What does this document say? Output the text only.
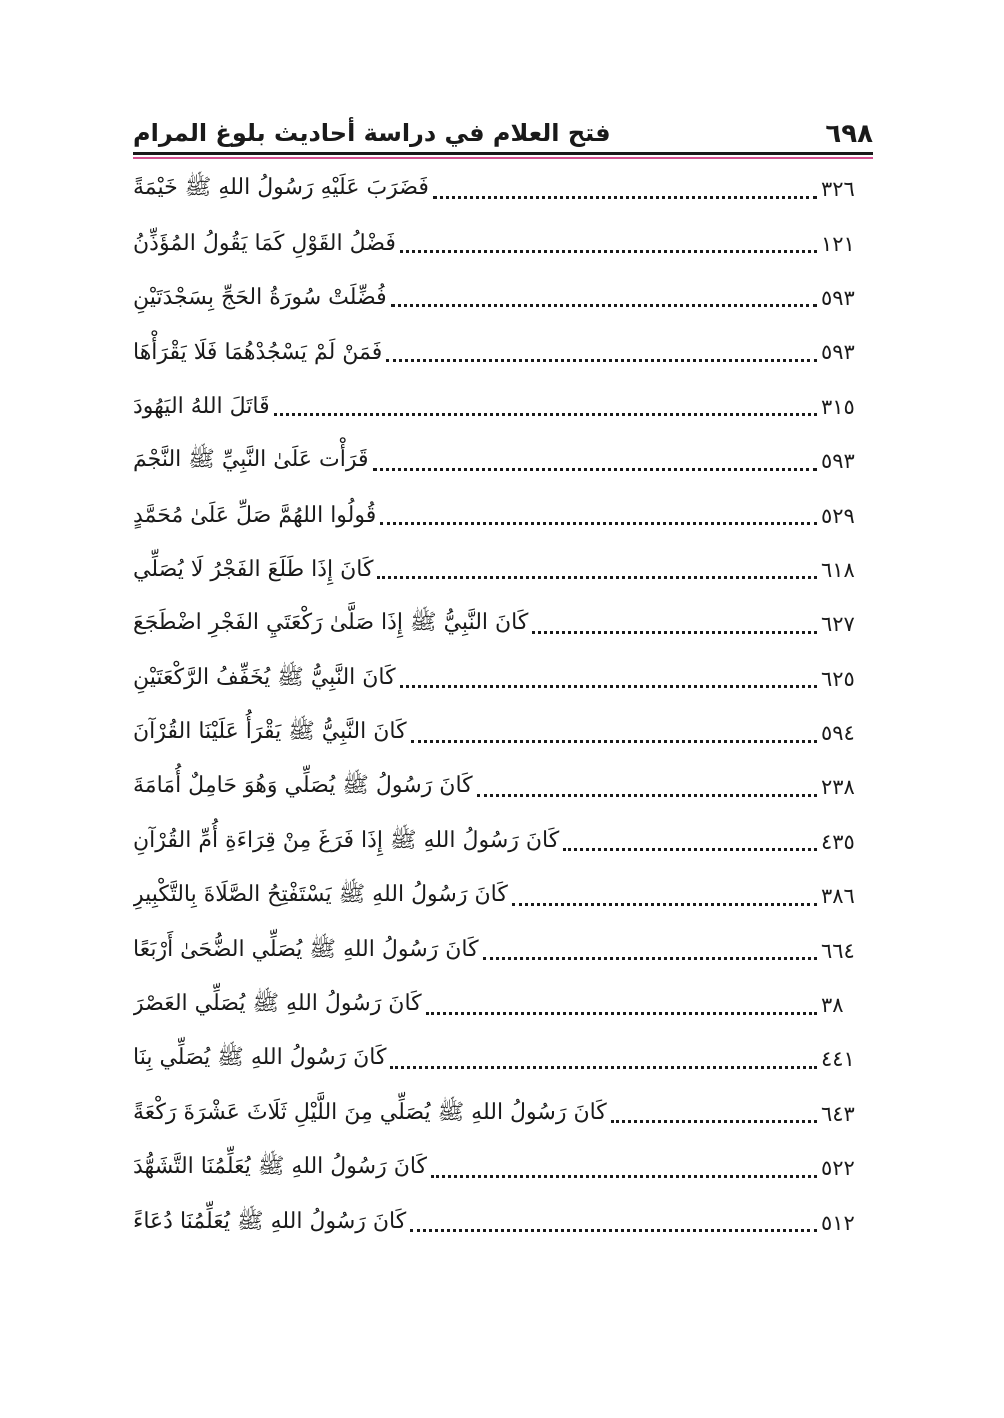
٦٩٨
فتح العلام في دراسة أحاديث بلوغ المرام
فَضَرَبَ عَلَيْهِ رَسُولُ اللهِ ﷺ خَيْمَةً	٣٢٦
فَضْلُ القَوْلِ كَمَا يَقُولُ المُؤَذِّنُ	١٢١
فُضِّلَتْ سُورَةُ الحَجِّ بِسَجْدَتَيْنِ	٥٩٣
فَمَنْ لَمْ يَسْجُدْهُمَا فَلَا يَقْرَأْهَا	٥٩٣
قَاتَلَ اللهُ اليَهُودَ	٣١٥
قَرَأْت عَلَىٰ النَّبِيِّ ﷺ النَّجْمَ	٥٩٣
قُولُوا اللهُمَّ صَلِّ عَلَىٰ مُحَمَّدٍ	٥٢٩
كَانَ إِذَا طَلَعَ الفَجْرُ لَا يُصَلِّي	٦١٨
كَانَ النَّبِيُّ ﷺ إِذَا صَلَّىٰ رَكْعَتَيِ الفَجْرِ اضْطَجَعَ	٦٢٧
كَانَ النَّبِيُّ ﷺ يُخَفِّفُ الرَّكْعَتَيْنِ	٦٢٥
كَانَ النَّبِيُّ ﷺ يَقْرَأُ عَلَيْنَا القُرْآنَ	٥٩٤
كَانَ رَسُولُ ﷺ يُصَلِّي وَهُوَ حَامِلٌ أُمَامَةَ	٢٣٨
كَانَ رَسُولُ اللهِ ﷺ إِذَا فَرَغَ مِنْ قِرَاءَةِ أُمِّ القُرْآنِ	٤٣٥
كَانَ رَسُولُ اللهِ ﷺ يَسْتَفْتِحُ الصَّلَاةَ بِالتَّكْبِيرِ	٣٨٦
كَانَ رَسُولُ اللهِ ﷺ يُصَلِّي الضُّحَىٰ أَرْبَعًا	٦٦٤
كَانَ رَسُولُ اللهِ ﷺ يُصَلِّي العَصْرَ	٣٨
كَانَ رَسُولُ اللهِ ﷺ يُصَلِّي بِنَا	٤٤١
كَانَ رَسُولُ اللهِ ﷺ يُصَلِّي مِنَ اللَّيْلِ ثَلَاثَ عَشْرَةَ رَكْعَةً	٦٤٣
كَانَ رَسُولُ اللهِ ﷺ يُعَلِّمُنَا التَّشَهُّدَ	٥٢٢
كَانَ رَسُولُ اللهِ ﷺ يُعَلِّمُنَا دُعَاءً	٥١٢
